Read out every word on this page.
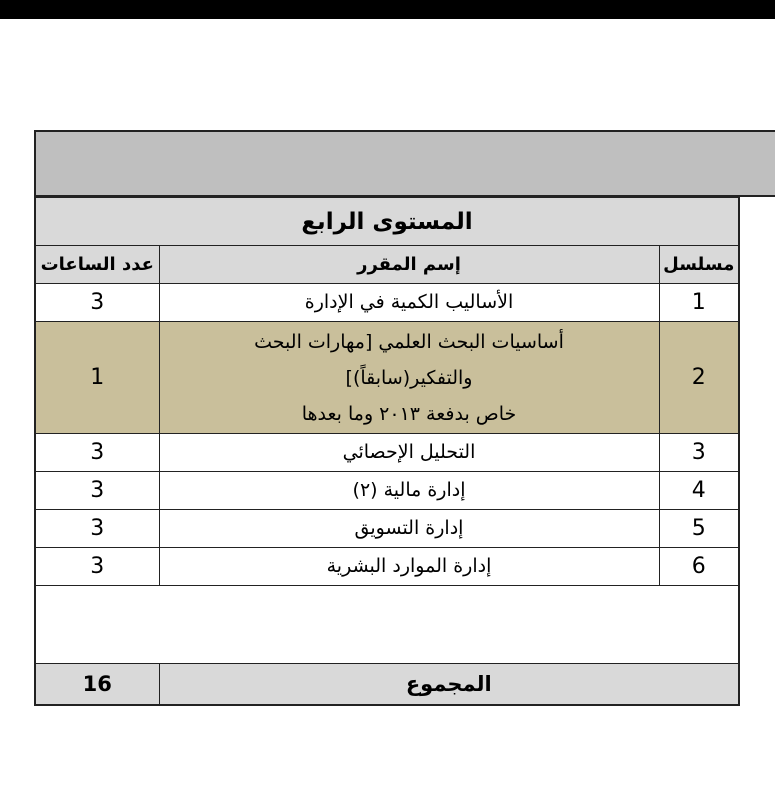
المستوى الرابع		
عدد الساعات	إسم المقرر	مسلسل
3	الأساليب الكمية في الإدارة	1
1	أساسيات البحث العلمي [مهارات البحث
والتفكير(سابقاً)]
خاص بدفعة ٢٠١٣ وما بعدها	2
3	التحليل الإحصائي	3
3	إدارة مالية (٢)	4
3	إدارة التسويق	5
3	إدارة الموارد البشرية	6

16	المجموع	
